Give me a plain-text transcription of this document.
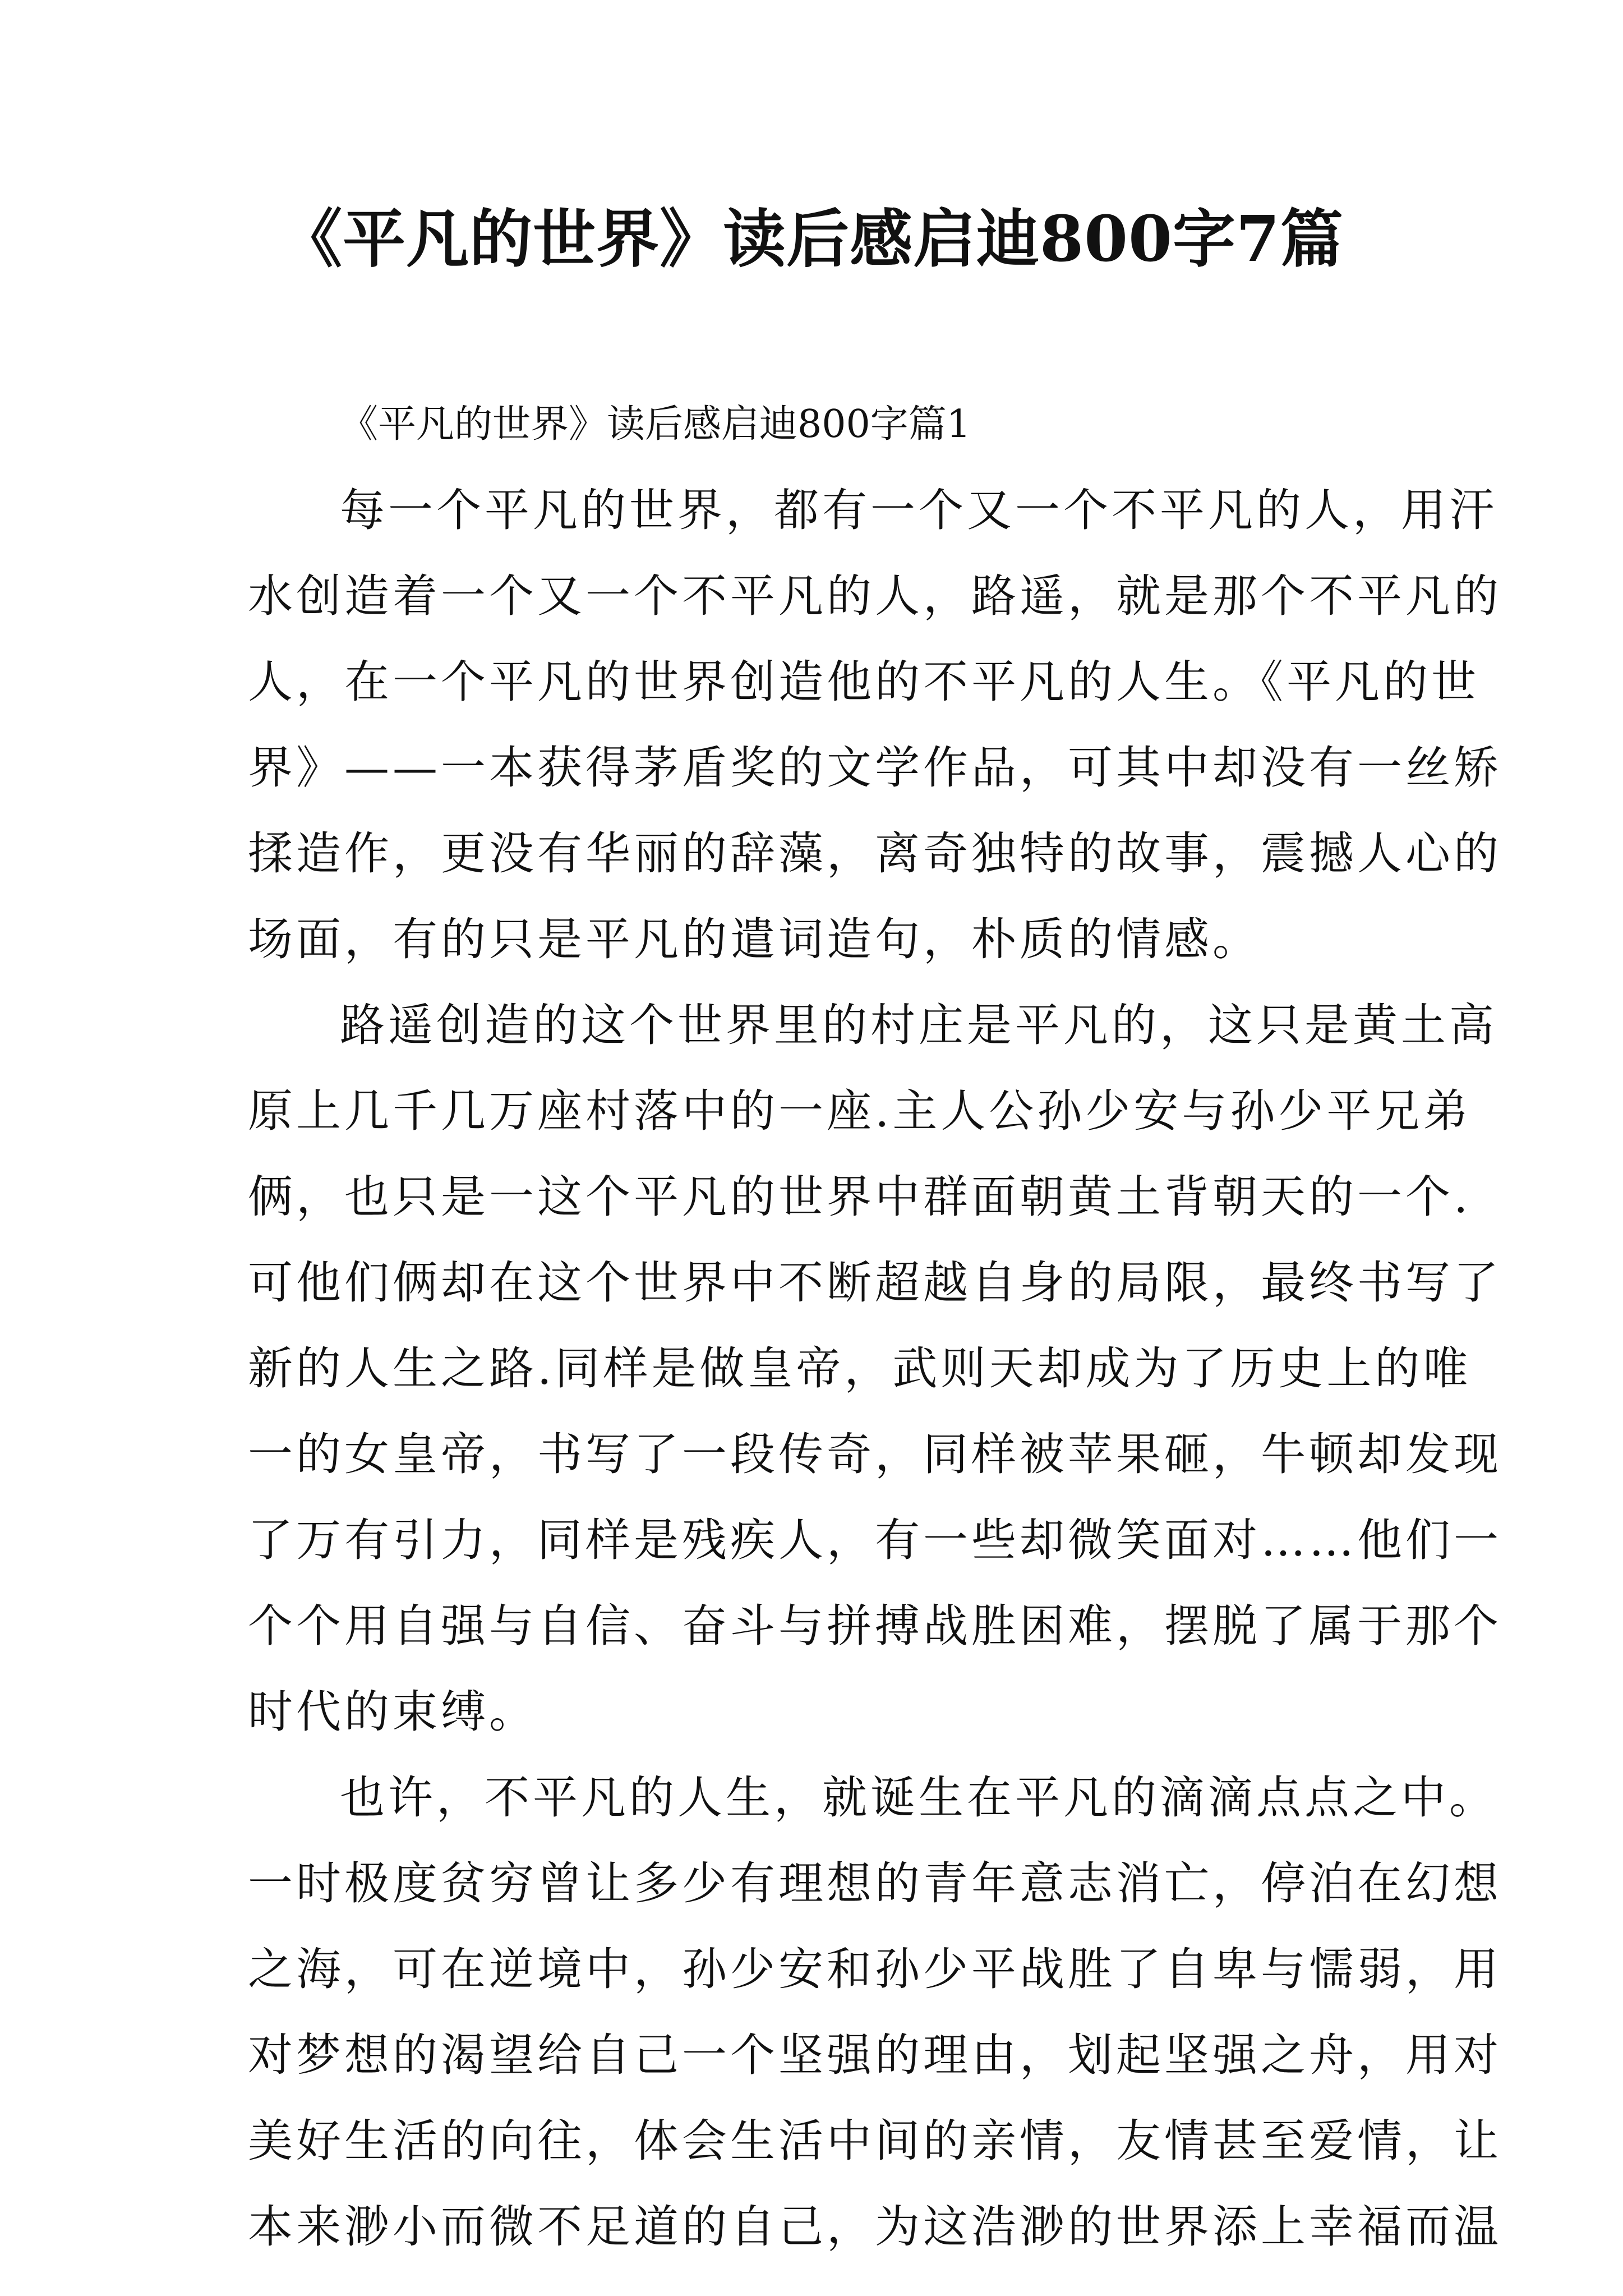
《平凡的世界》读后感启迪800字7篇
《平凡的世界》读后感启迪800字篇1

每一个平凡的世界，都有一个又一个不平凡的人，用汗
水创造着一个又一个不平凡的人，路遥，就是那个不平凡的
人，在一个平凡的世界创造他的不平凡的人生。《平凡的世
界》——一本获得茅盾奖的文学作品，可其中却没有一丝矫
揉造作，更没有华丽的辞藻，离奇独特的故事，震撼人心的
场面，有的只是平凡的遣词造句，朴质的情感。

路遥创造的这个世界里的村庄是平凡的，这只是黄土高
原上几千几万座村落中的一座.主人公孙少安与孙少平兄弟
俩，也只是一这个平凡的世界中群面朝黄土背朝天的一个.
可他们俩却在这个世界中不断超越自身的局限，最终书写了
新的人生之路.同样是做皇帝，武则天却成为了历史上的唯
一的女皇帝，书写了一段传奇，同样被苹果砸，牛顿却发现
了万有引力，同样是残疾人，有一些却微笑面对……他们一
个个用自强与自信、奋斗与拼搏战胜困难，摆脱了属于那个
时代的束缚。

也许，不平凡的人生，就诞生在平凡的滴滴点点之中。
一时极度贫穷曾让多少有理想的青年意志消亡，停泊在幻想
之海，可在逆境中，孙少安和孙少平战胜了自卑与懦弱，用
对梦想的渴望给自己一个坚强的理由，划起坚强之舟，用对
美好生活的向往，体会生活中间的亲情，友情甚至爱情，让
本来渺小而微不足道的自己，为这浩渺的世界添上幸福而温
